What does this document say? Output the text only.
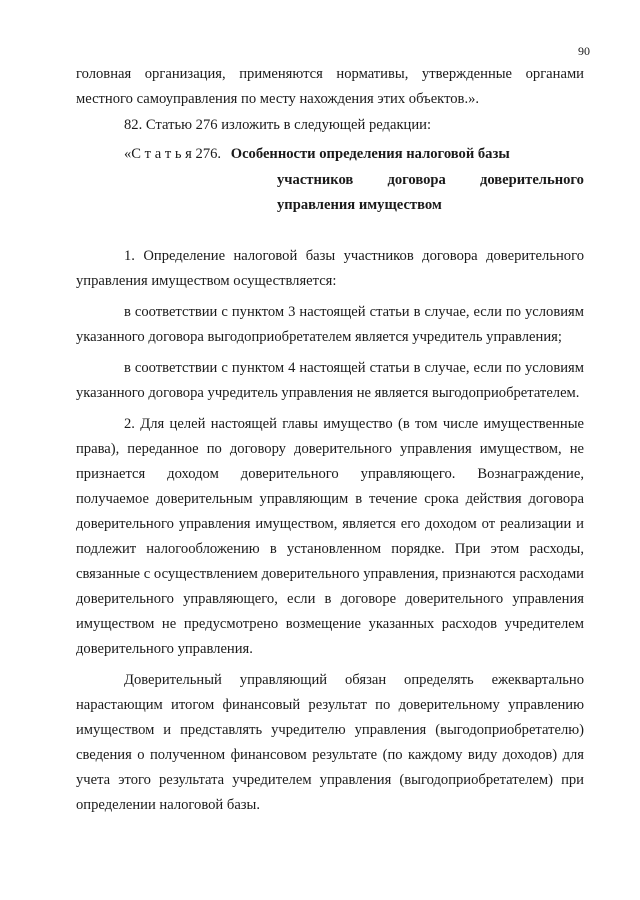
90

головная организация, применяются нормативы, утвержденные органами

местного самоуправления по месту нахождения этих объектов.».

82. Статью 276 изложить в следующей редакции:

«С т а т ь я 276. Особенности определения налоговой базы
участников договора доверительного
управления имуществом

1. Определение налоговой базы участников договора доверительного управления имуществом осуществляется:

в соответствии с пунктом 3 настоящей статьи в случае, если по условиям указанного договора выгодоприобретателем является учредитель управления;

в соответствии с пунктом 4 настоящей статьи в случае, если по условиям указанного договора учредитель управления не является выгодоприобретателем.

2. Для целей настоящей главы имущество (в том числе имущественные права), переданное по договору доверительного управления имуществом, не признается доходом доверительного управляющего. Вознаграждение, получаемое доверительным управляющим в течение срока действия договора доверительного управления имуществом, является его доходом от реализации и подлежит налогообложению в установленном порядке. При этом расходы, связанные с осуществлением доверительного управления, признаются расходами доверительного управляющего, если в договоре доверительного управления имуществом не предусмотрено возмещение указанных расходов учредителем доверительного управления.

Доверительный управляющий обязан определять ежеквартально нарастающим итогом финансовый результат по доверительному управлению имуществом и представлять учредителю управления (выгодоприобретателю) сведения о полученном финансовом результате (по каждому виду доходов) для учета этого результата учредителем управления (выгодоприобретателем) при определении налоговой базы.
